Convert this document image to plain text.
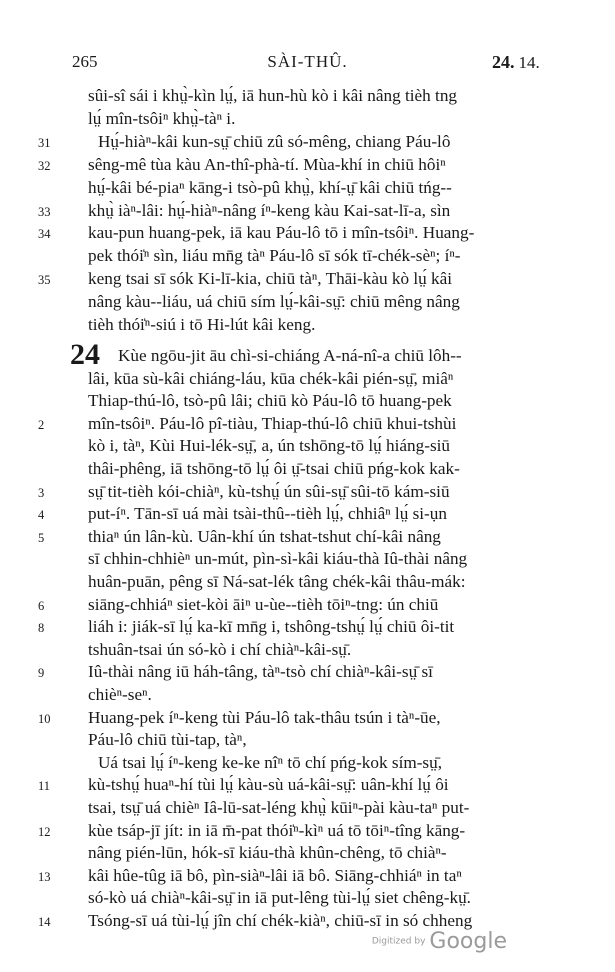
265	SÀI-THÛ.	24. 14.
sûi-sî sái i khṳ̀-kìn lṳ́, iā hun-hù kò i kâi nâng tièh tng
lṳ́ mîn-tsôiⁿ khṳ̀-tàⁿ i.
Hṳ́-hiàⁿ-kâi kun-sṳ̄ chiū zû só-mêng, chiang Páu-lô
31
sêng-mê tùa kàu An-thî-phà-tí. Mùa-khí in chiū hôiⁿ
32
hṳ́-kâi bé-piaⁿ kāng-i tsò-pû khṳ̀, khí-ṳ̄ kâi chiū tńg--
khṳ̀ iàⁿ-lâi: hṳ́-hiàⁿ-nâng íⁿ-keng kàu Kai-sat-lī-a, sìn
33
kau-pun huang-pek, iā kau Páu-lô tō i mîn-tsôiⁿ. Huang-
34
pek thói̍ⁿ sìn, liáu mn̄g tàⁿ Páu-lô sī sók tī-chék-sèⁿ; íⁿ-
keng tsai sī sók Ki-lī-kia, chiū tàⁿ, Thāi-kàu kò lṳ́ kâi
35
nâng kàu--liáu, uá chiū sím lṳ́-kâi-sṳ̄: chiū mêng nâng
tièh thói̍ⁿ-siú i tō Hi-lút kâi keng.
Kùe ngōu-jit āu chì-si-chiáng A-ná-nî-a chiū lôh--
lâi, kūa sù-kâi chiáng-láu, kūa chék-kâi pién-sṳ̄, miâⁿ
Thiap-thú-lô, tsò-pû lâi; chiū kò Páu-lô tō huang-pek
mîn-tsôiⁿ. Páu-lô pî-tiàu, Thiap-thú-lô chiū khui-tshùi
2
kò i, tàⁿ, Kùi Hui-lék-sṳ̄, a, ún tshōng-tō lṳ́ hiáng-siū
thâi-phêng, iā tshōng-tō lṳ́ ôi ṳ̄-tsai chiū pńg-kok kak-
sṳ̄ tit-tièh kói-chiàⁿ, kù-tshṳ́ ún sûi-sṳ̄ sûi-tō kám-siū
3
put-íⁿ. Tān-sī uá mài tsài-thû--tièh lṳ́, chhiâⁿ lṳ́ si-ụn
4
thiaⁿ ún lân-kù. Uân-khí ún tshat-tshut chí-kâi nâng
5
sī chhin-chhièⁿ un-mút, pìn-sì-kâi kiáu-thà Iû-thài nâng
huân-puān, pêng sī Ná-sat-lék tâng chék-kâi thâu-mák:
siāng-chhiáⁿ siet-kòi āiⁿ u-ùe--tièh tōiⁿ-tng: ún chiū
6
liáh i: jiák-sī lṳ́ ka-kī mn̄g i, tshông-tshṳ́ lṳ́ chiū ôi-tit
8
tshuân-tsai ún só-kò i chí chiàⁿ-kâi-sṳ̄.
Iû-thài nâng iū háh-tâng, tàⁿ-tsò chí chiàⁿ-kâi-sṳ̄ sī
9
chièⁿ-seⁿ.
Huang-pek íⁿ-keng tùi Páu-lô tak-thâu tsún i tàⁿ-ūe,
10
Páu-lô chiū tùi-tap, tàⁿ,
Uá tsai lṳ́ íⁿ-keng ke-ke nîⁿ tō chí pńg-kok sím-sṳ̄,
kù-tshṳ́ huaⁿ-hí tùi lṳ́ kàu-sù uá-kâi-sṳ̄: uân-khí lṳ́ ôi
11
tsai, tsṳ̄ uá chièⁿ Iâ-lū-sat-léng khṳ̀ kūiⁿ-pài kàu-taⁿ put-
kùe tsáp-jī jít: in iā m̄-pat thói̍ⁿ-kìⁿ uá tō tōiⁿ-tîng kāng-
12
nâng pién-lūn, hók-sī kiáu-thà khûn-chêng, tō chiàⁿ-
kâi hûe-tûg iā bô, pìn-siàⁿ-lâi iā bô. Siāng-chhiáⁿ in taⁿ
13
só-kò uá chiàⁿ-kâi-sṳ̄ in iā put-lêng tùi-lṳ́ siet chêng-kṳ̄.
Tsóng-sī uá tùi-lṳ́ jîn chí chék-kiàⁿ, chiū-sī in só chheng
14
24
Digitized by Google
